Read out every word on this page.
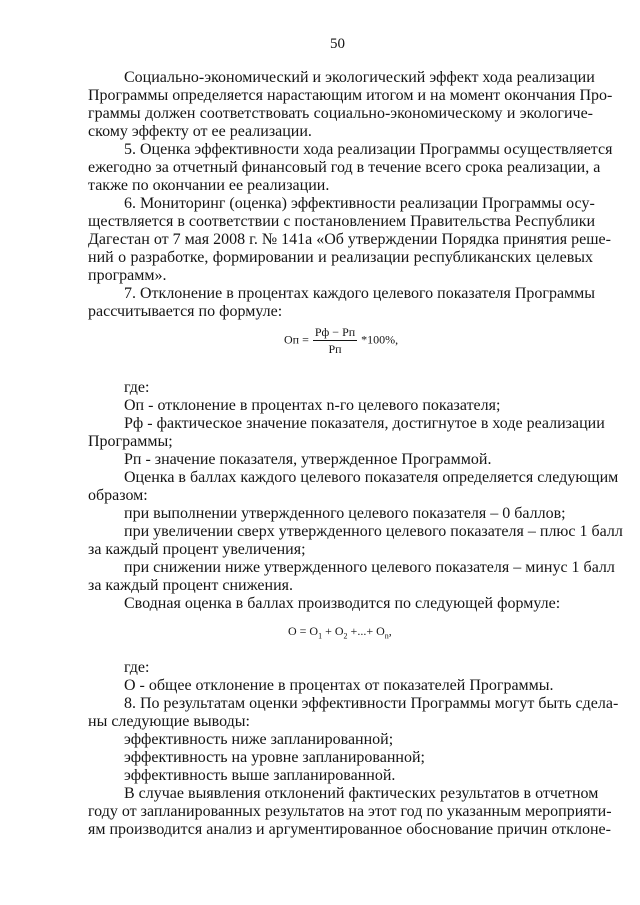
50
Социально-экономический и экологический эффект хода реализации
Программы определяется нарастающим итогом и на момент окончания Про-
граммы должен соответствовать социально-экономическому и экологиче-
скому эффекту от ее реализации.
5. Оценка эффективности хода реализации Программы осуществляется
ежегодно за отчетный финансовый год в течение всего срока реализации, а
также по окончании ее реализации.
6. Мониторинг (оценка) эффективности реализации Программы осу-
ществляется в соответствии с постановлением Правительства Республики
Дагестан от 7 мая 2008 г. № 141а «Об утверждении Порядка принятия реше-
ний о разработке, формировании и реализации республиканских целевых
программ».
7. Отклонение в процентах каждого целевого показателя Программы
рассчитывается по формуле:
Оп = $\frac{Рф - Рп}{Рп} *100\%$,
где:
Оп - отклонение в процентах n-го целевого показателя;
Рф - фактическое значение показателя, достигнутое в ходе реализации
Программы;
Рп - значение показателя, утвержденное Программой.
Оценка в баллах каждого целевого показателя определяется следующим
образом:
при выполнении утвержденного целевого показателя – 0 баллов;
при увеличении сверх утвержденного целевого показателя – плюс 1 балл
за каждый процент увеличения;
при снижении ниже утвержденного целевого показателя – минус 1 балл
за каждый процент снижения.
Сводная оценка в баллах производится по следующей формуле:
$О = О_1 + О_2$ +...+ $О_n$,
где:
О - общее отклонение в процентах от показателей Программы.
8. По результатам оценки эффективности Программы могут быть сдела-
ны следующие выводы:
эффективность ниже запланированной;
эффективность на уровне запланированной;
эффективность выше запланированной.
В случае выявления отклонений фактических результатов в отчетном
году от запланированных результатов на этот год по указанным мероприяти-
ям производится анализ и аргументированное обоснование причин отклоне-
